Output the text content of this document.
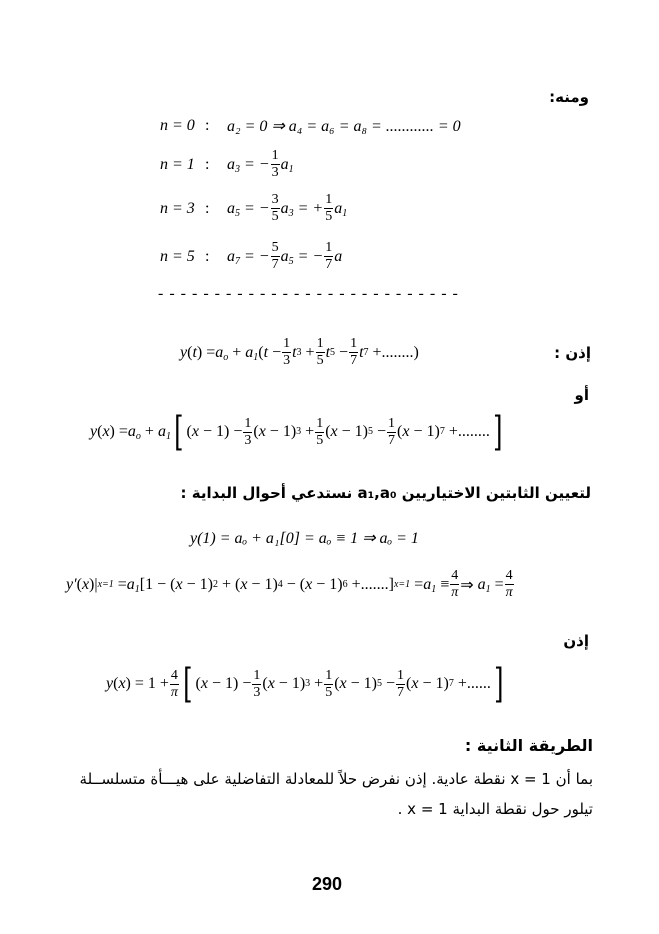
ومنه:
n = 0 :	a₂ = 0 ⇒ a₄ = a₆ = a₈ = ............ = 0
n = 1 :	$a_3$ = − $\frac{1}{3} a_1$
n = 3 :	$a_5$ = − $\frac{3}{5} a_3$ = + $\frac{1}{5} a_1$
n = 5 :	$a_7$ = − $\frac{5}{7} a_5$ = − $\frac{1}{7}$ a
- - - - - - - - - - - - - - - - - - - - - - - - - - -
y ( t ) = $a_o + a_1$ ( $t - \frac{1}{3}$ t $3 + \frac{1}{5}$ t $5 - \frac{1}{7}$ t 7 +........)	إذن :
أو
y ( x ) = $a_o + a_1$ [ ( $x - 1) - \frac{1}{3}$ ( x − 1) $3 + \frac{1}{5}$ ( x − 1) $5 - \frac{1}{7}$ ( x − 1) 7 +........ ]
لتعيين الثابتين الاختياريين a₁,a₀ نستدعي أحوال البداية :
y(1) = aₒ + a₁[0] = aₒ ≡ 1 ⇒ aₒ = 1
y′ ( x )| $x=1 = a_1$ [1 − ( x − 1) 2 + ( x − 1) 4 − ( x − 1) 6 +.......] $x=1 = a_1 \equiv \frac{4}{\pi}$ ⇒ $a_1 = \frac{4}{\pi}$
إذن
y ( x ) = $1 + \frac{4}{\pi}$ [ ( $x - 1) - \frac{1}{3}$ ( x − 1) $3 + \frac{1}{5}$ ( x − 1) $5 - \frac{1}{7}$ ( x − 1) 7 +...... ]
الطريقة الثانية :
بما أن x = 1 نقطة عادية. إذن نفرض حلاً للمعادلة التفاضلية على هيـــأة متسلســلة
تيلور حول نقطة البداية x = 1 .
290
